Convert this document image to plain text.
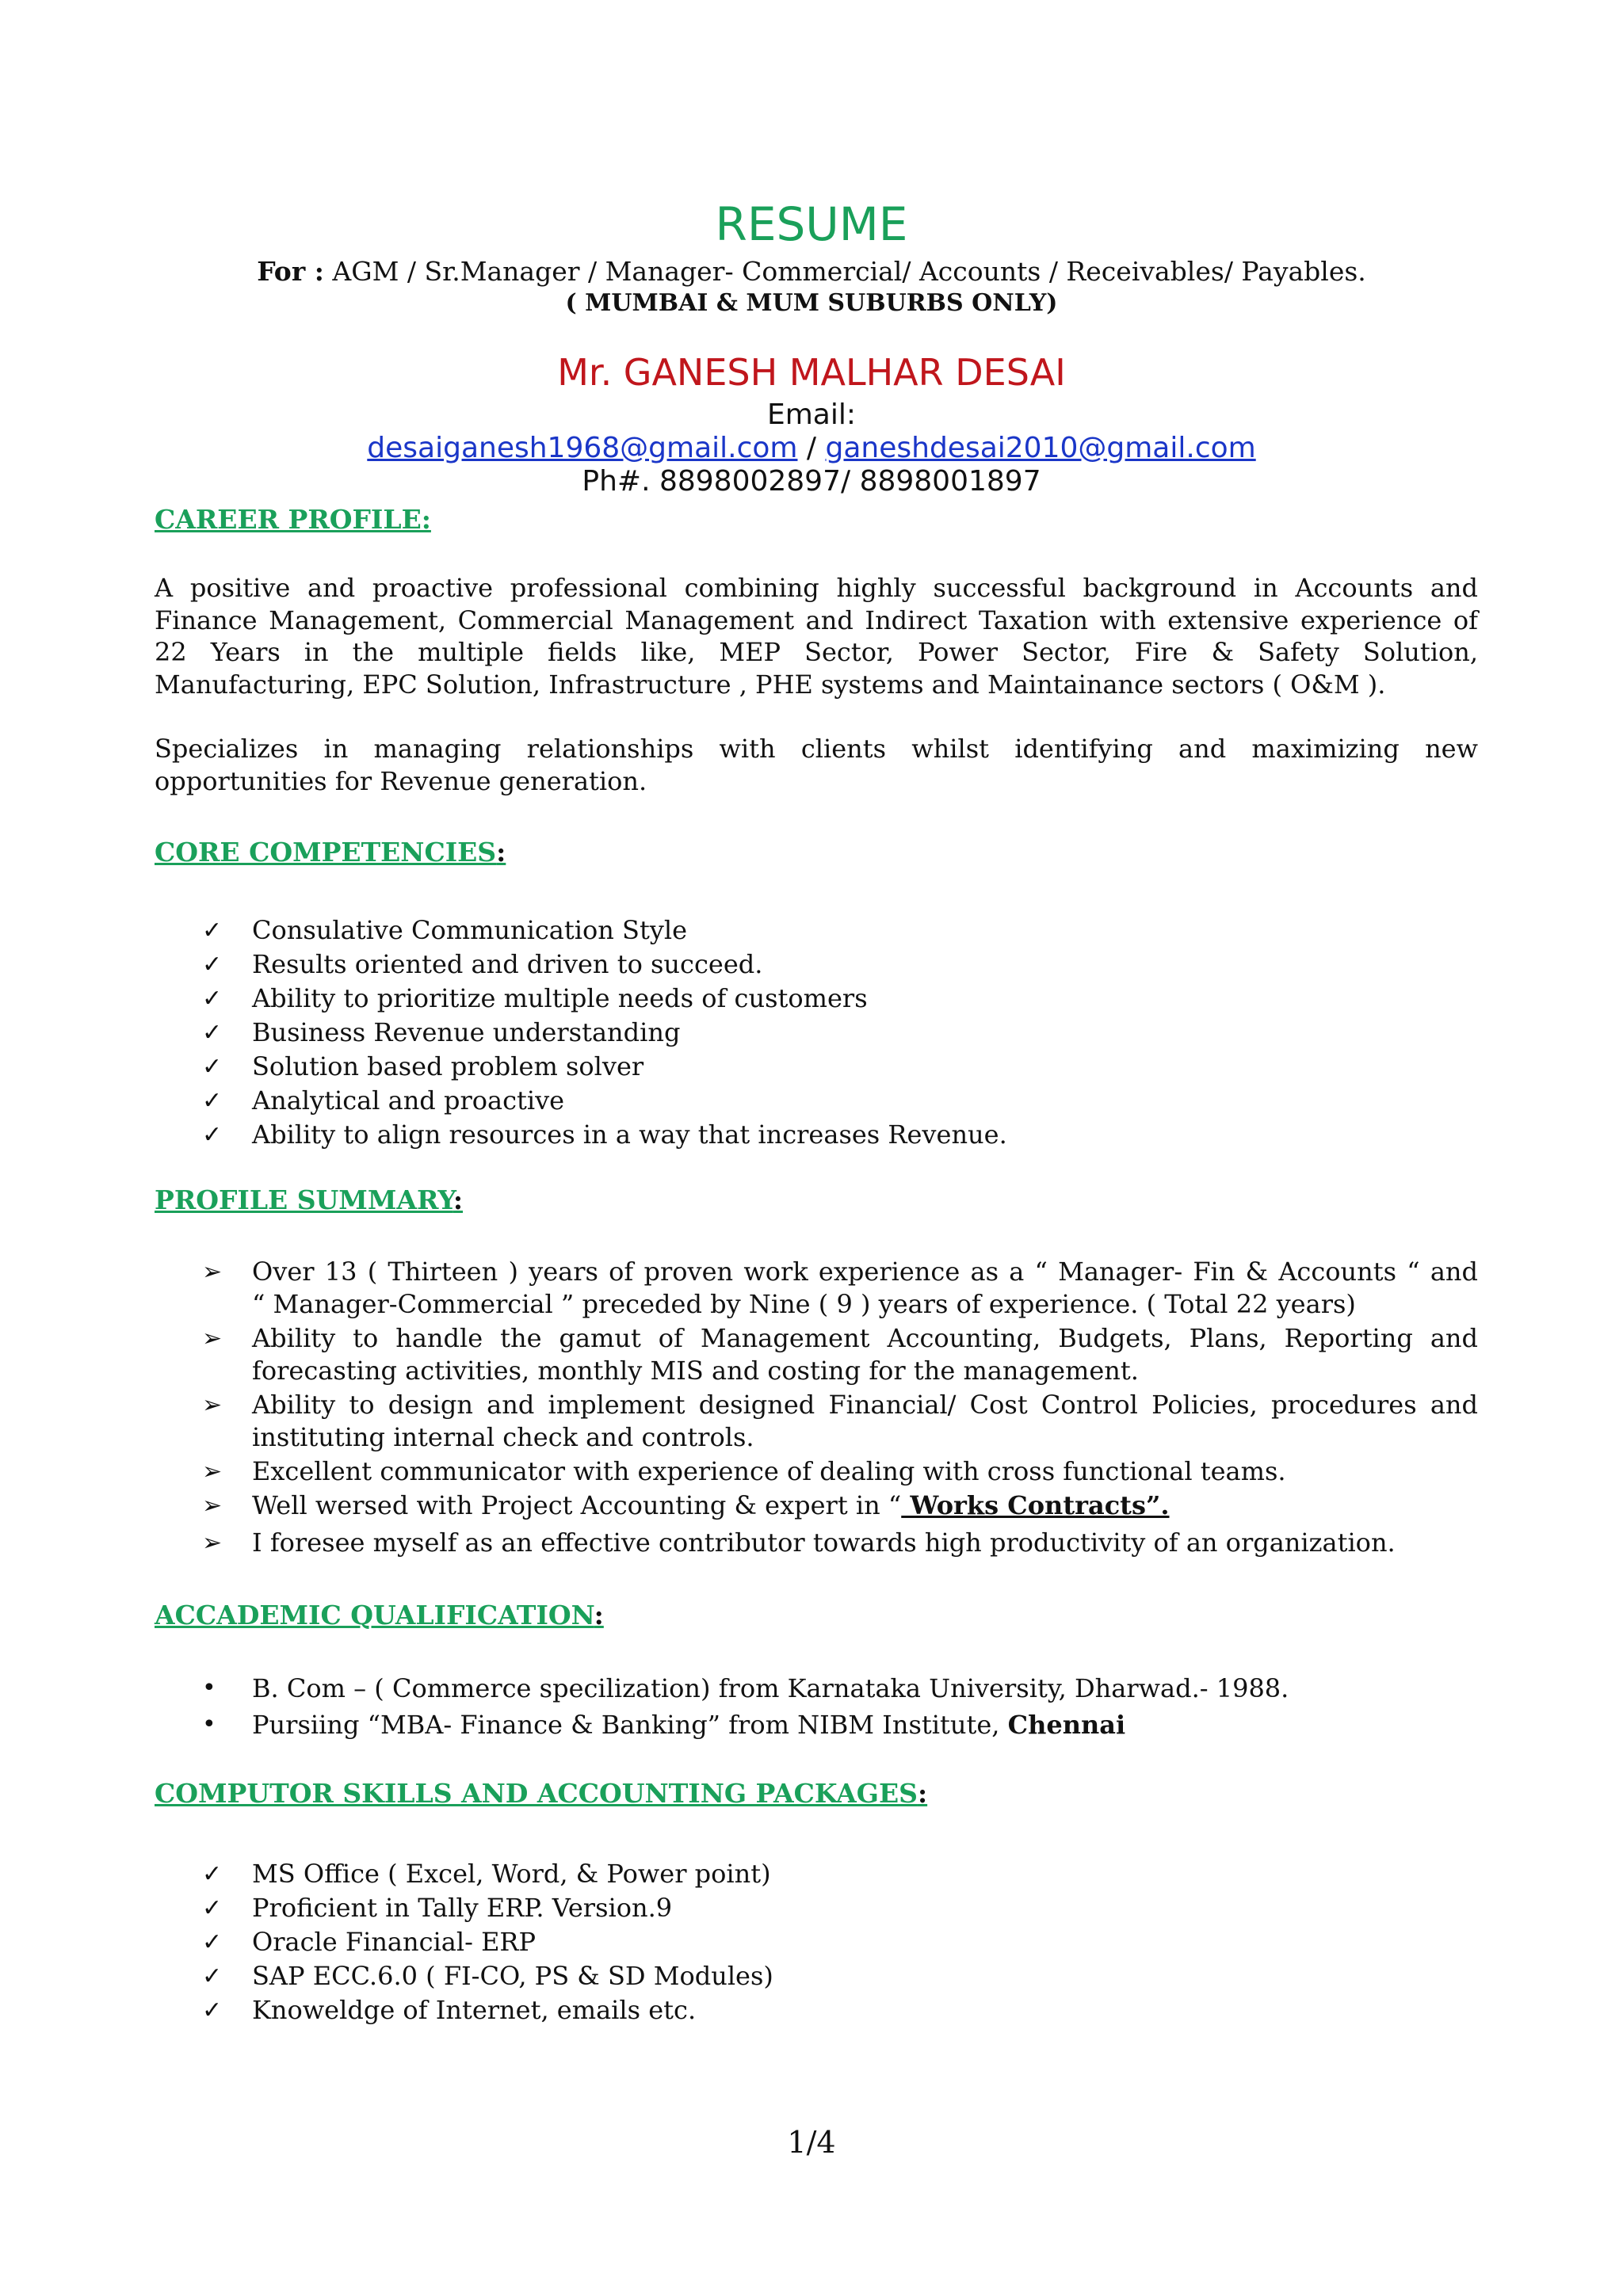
RESUME
For : AGM / Sr.Manager / Manager- Commercial/ Accounts / Receivables/ Payables.
( MUMBAI & MUM SUBURBS ONLY)
Mr. GANESH MALHAR DESAI
Email:
desaiganesh1968@gmail.com / ganeshdesai2010@gmail.com
Ph#. 8898002897/ 8898001897
CAREER PROFILE:
A positive and proactive professional combining highly successful background in Accounts and
Finance Management, Commercial Management and Indirect Taxation with extensive experience of
22 Years in the multiple fields like, MEP Sector, Power Sector, Fire & Safety Solution,
Manufacturing, EPC Solution, Infrastructure , PHE systems and Maintainance sectors ( O&M ).
Specializes in managing relationships with clients whilst identifying and maximizing new
opportunities for Revenue generation.
CORE COMPETENCIES:
✓ Consulative Communication Style
✓ Results oriented and driven to succeed.
✓ Ability to prioritize multiple needs of customers
✓ Business Revenue understanding
✓ Solution based problem solver
✓ Analytical and proactive
✓ Ability to align resources in a way that increases Revenue.
PROFILE SUMMARY:
➢ Over 13 ( Thirteen ) years of proven work experience as a “ Manager- Fin & Accounts “ and
“ Manager-Commercial ” preceded by Nine ( 9 ) years of experience. ( Total 22 years)
➢ Ability to handle the gamut of Management Accounting, Budgets, Plans, Reporting and
forecasting activities, monthly MIS and costing for the management.
➢ Ability to design and implement designed Financial/ Cost Control Policies, procedures and
instituting internal check and controls.
➢ Excellent communicator with experience of dealing with cross functional teams.
➢ Well wersed with Project Accounting & expert in “ Works Contracts”.
➢ I foresee myself as an effective contributor towards high productivity of an organization.
ACCADEMIC QUALIFICATION:
• B. Com – ( Commerce specilization) from Karnataka University, Dharwad.- 1988.
• Pursiing “MBA- Finance & Banking” from NIBM Institute, Chennai
COMPUTOR SKILLS AND ACCOUNTING PACKAGES:
✓ MS Office ( Excel, Word, & Power point)
✓ Proficient in Tally ERP. Version.9
✓ Oracle Financial- ERP
✓ SAP ECC.6.0 ( FI-CO, PS & SD Modules)
✓ Knoweldge of Internet, emails etc.
1/4
